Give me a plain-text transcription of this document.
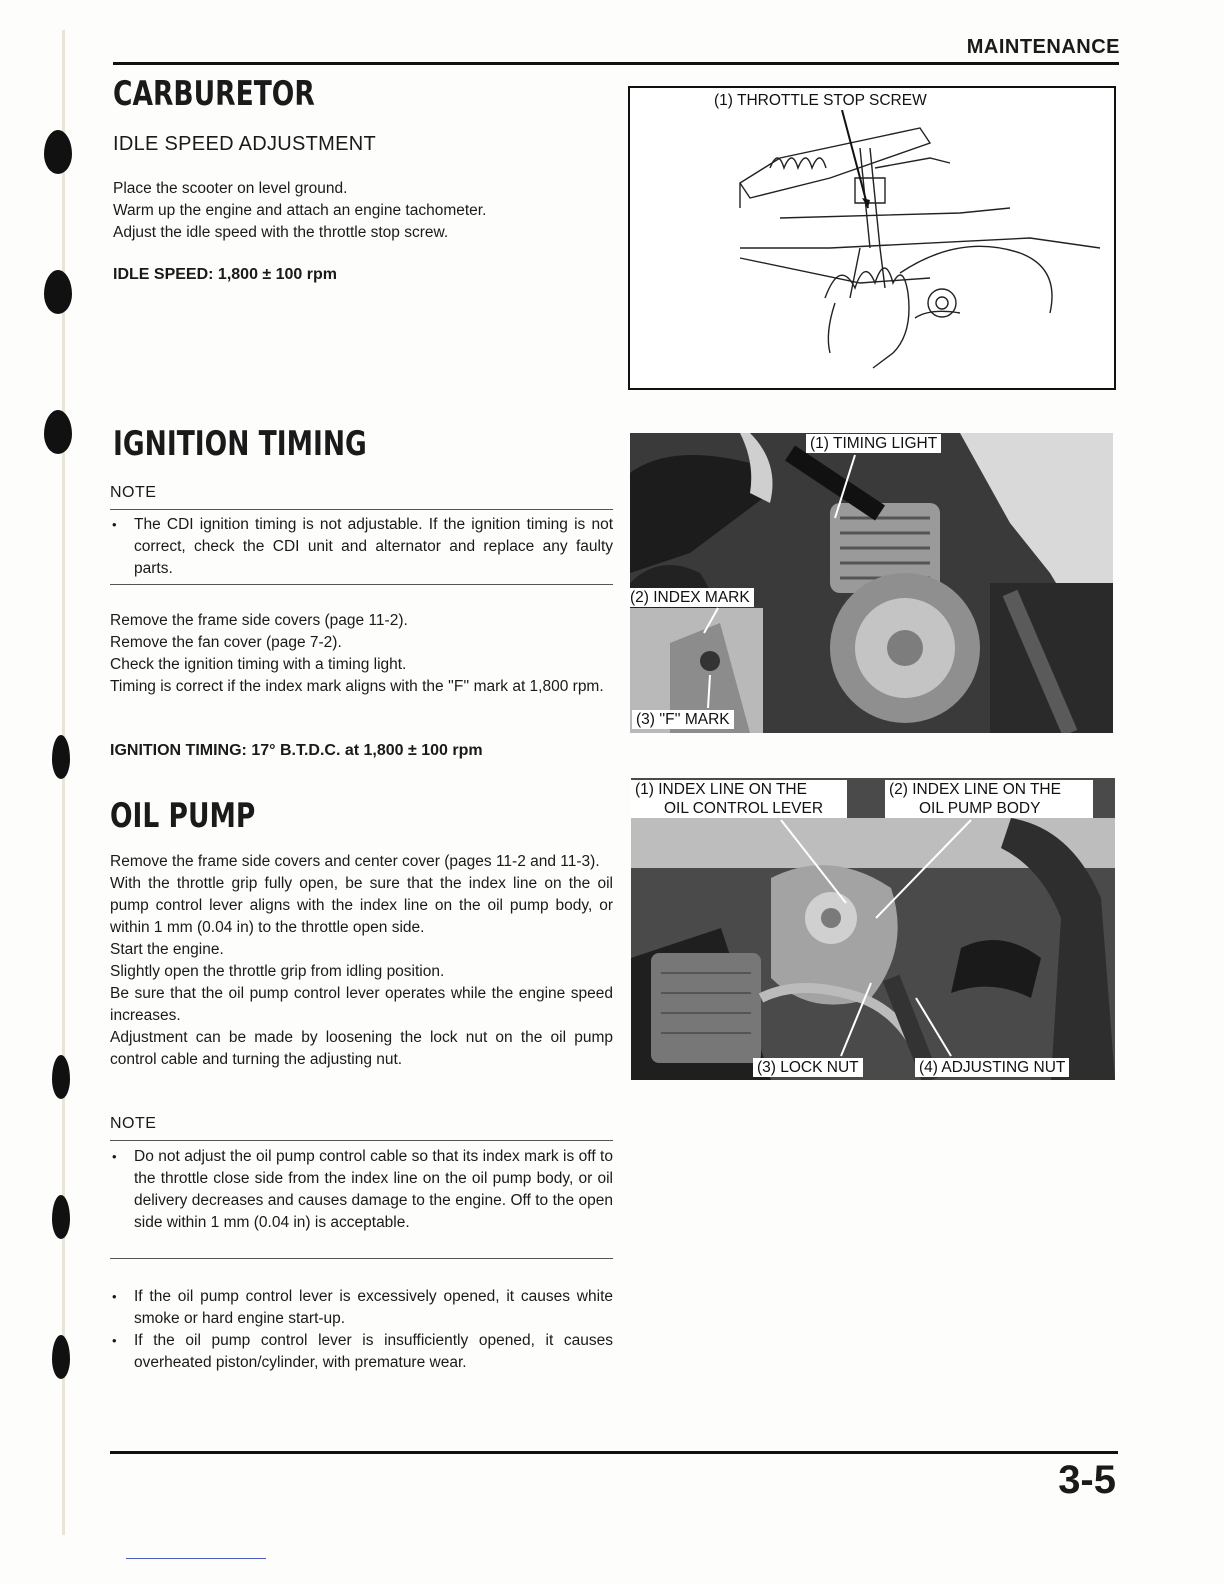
MAINTENANCE
CARBURETOR
IDLE SPEED ADJUSTMENT

Place the scooter on level ground.

Warm up the engine and attach an engine tachometer.

Adjust the idle speed with the throttle stop screw.

IDLE SPEED: 1,800 ± 100 rpm
(1) THROTTLE STOP SCREW
IGNITION TIMING
NOTE
• The CDI ignition timing is not adjustable. If the ignition timing is not correct, check the CDI unit and alternator and replace any faulty parts.

Remove the frame side covers (page 11-2).

Remove the fan cover (page 7-2).

Check the ignition timing with a timing light.

Timing is correct if the index mark aligns with the ''F'' mark at 1,800 rpm.

IGNITION TIMING: 17° B.T.D.C. at 1,800 ± 100 rpm
(1) TIMING LIGHT
(2) INDEX MARK
(3) ''F'' MARK
OIL PUMP

Remove the frame side covers and center cover (pages 11-2 and 11-3).

With the throttle grip fully open, be sure that the index line on the oil pump control lever aligns with the index line on the oil pump body, or within 1 mm (0.04 in) to the throttle open side.

Start the engine.

Slightly open the throttle grip from idling position.

Be sure that the oil pump control lever operates while the engine speed increases.

Adjustment can be made by loosening the lock nut on the oil pump control cable and turning the adjusting nut.

NOTE
• Do not adjust the oil pump control cable so that its index mark is off to the throttle close side from the index line on the oil pump body, or oil delivery decreases and causes damage to the engine. Off to the open side within 1 mm (0.04 in) is acceptable.
• If the oil pump control lever is excessively opened, it causes white smoke or hard engine start-up.
• If the oil pump control lever is insufficiently opened, it causes overheated piston/cylinder, with premature wear.
(1) INDEX LINE ON THE
OIL CONTROL LEVER
(2) INDEX LINE ON THE
OIL PUMP BODY
(3) LOCK NUT	(4) ADJUSTING NUT
3-5
